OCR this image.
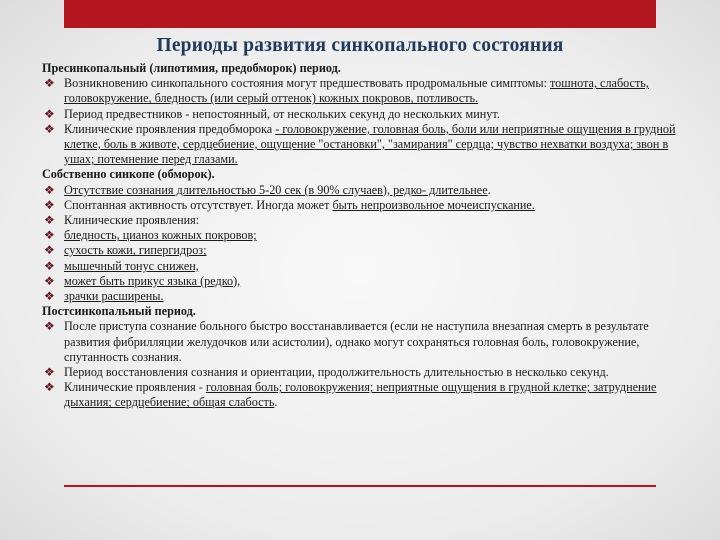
Периоды развития синкопального состояния
Пресинкопальный (липотимия, предобморок) период.
❖ Возникновению синкопального состояния могут предшествовать продромальные симптомы: тошнота, слабость, головокружение, бледность (или серый оттенок) кожных покровов, потливость.
❖ Период предвестников - непостоянный, от нескольких секунд до нескольких минут.
❖ Клинические проявления предобморока - головокружение, головная боль, боли или неприятные ощущения в грудной клетке, боль в животе, сердцебиение, ощущение "остановки", "замирания" сердца; чувство нехватки воздуха; звон в ушах; потемнение перед глазами.
Собственно синкопе (обморок).
❖ Отсутствие сознания длительностью 5-20 сек (в 90% случаев), редко- длительнее.
❖ Спонтанная активность отсутствует. Иногда может быть непроизвольное мочеиспускание.
❖ Клинические проявления:
❖ бледность, цианоз кожных покровов;
❖ сухость кожи, гипергидроз;
❖ мышечный тонус снижен,
❖ может быть прикус языка (редко),
❖ зрачки расширены.
Постсинкопальный период.
❖ После приступа сознание больного быстро восстанавливается (если не наступила внезапная смерть в результате развития фибрилляции желудочков или асистолии), однако могут сохраняться головная боль, головокружение, спутанность сознания.
❖ Период восстановления сознания и ориентации, продолжительность длительностью в несколько секунд.
❖ Клинические проявления - головная боль; головокружения; неприятные ощущения в грудной клетке; затруднение дыхания; сердцебиение; общая слабость.
